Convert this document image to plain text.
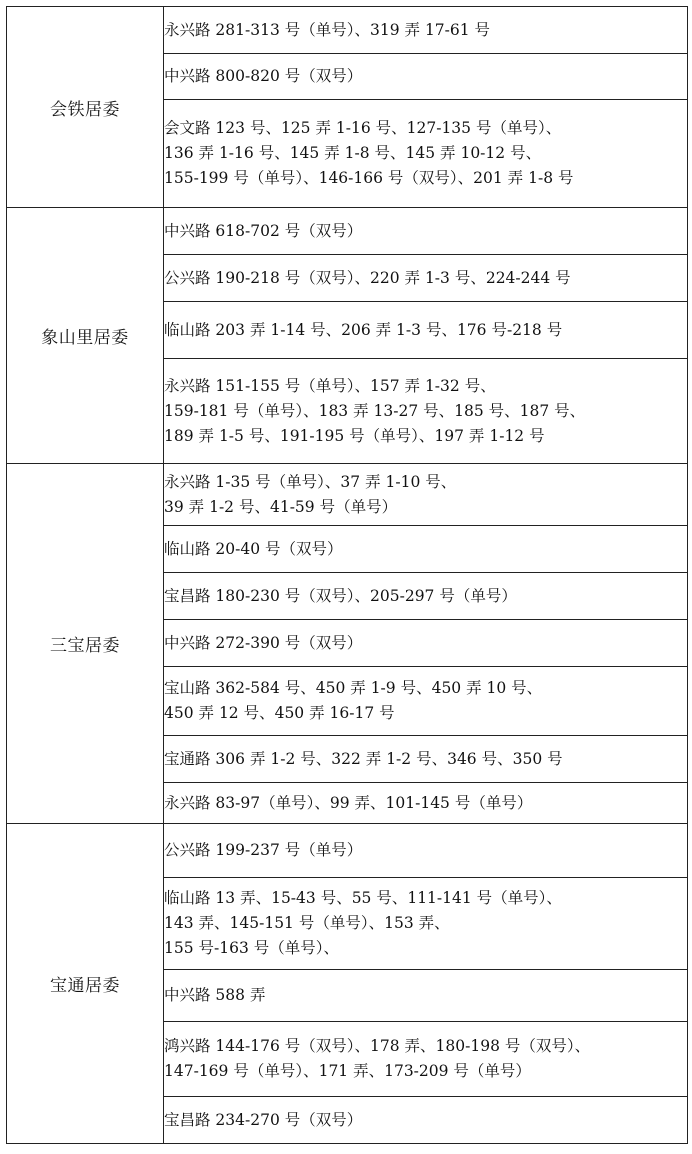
会铁居委	永兴路 281-313 号（单号）、319 弄 17-61 号

	中兴路 800-820 号（双号）

	会文路 123 号、125 弄 1-16 号、127-135 号（单号）、
136 弄 1-16 号、145 弄 1-8 号、145 弄 10-12 号、
155-199 号（单号）、146-166 号（双号）、201 弄 1-8 号

象山里居委	中兴路 618-702 号（双号）

	公兴路 190-218 号（双号）、220 弄 1-3 号、224-244 号

	临山路 203 弄 1-14 号、206 弄 1-3 号、176 号-218 号

	永兴路 151-155 号（单号）、157 弄 1-32 号、
159-181 号（单号）、183 弄 13-27 号、185 号、187 号、
189 弄 1-5 号、191-195 号（单号）、197 弄 1-12 号

三宝居委	永兴路 1-35 号（单号）、37 弄 1-10 号、
39 弄 1-2 号、41-59 号（单号）

	临山路 20-40 号（双号）

	宝昌路 180-230 号（双号）、205-297 号（单号）

	中兴路 272-390 号（双号）

	宝山路 362-584 号、450 弄 1-9 号、450 弄 10 号、
450 弄 12 号、450 弄 16-17 号

	宝通路 306 弄 1-2 号、322 弄 1-2 号、346 号、350 号

	永兴路 83-97（单号）、99 弄、101-145 号（单号）

宝通居委	公兴路 199-237 号（单号）

	临山路 13 弄、15-43 号、55 号、111-141 号（单号）、
143 弄、145-151 号（单号）、153 弄、
155 号-163 号（单号）、

	中兴路 588 弄

	鸿兴路 144-176 号（双号）、178 弄、180-198 号（双号）、
147-169 号（单号）、171 弄、173-209 号（单号）

	宝昌路 234-270 号（双号）
